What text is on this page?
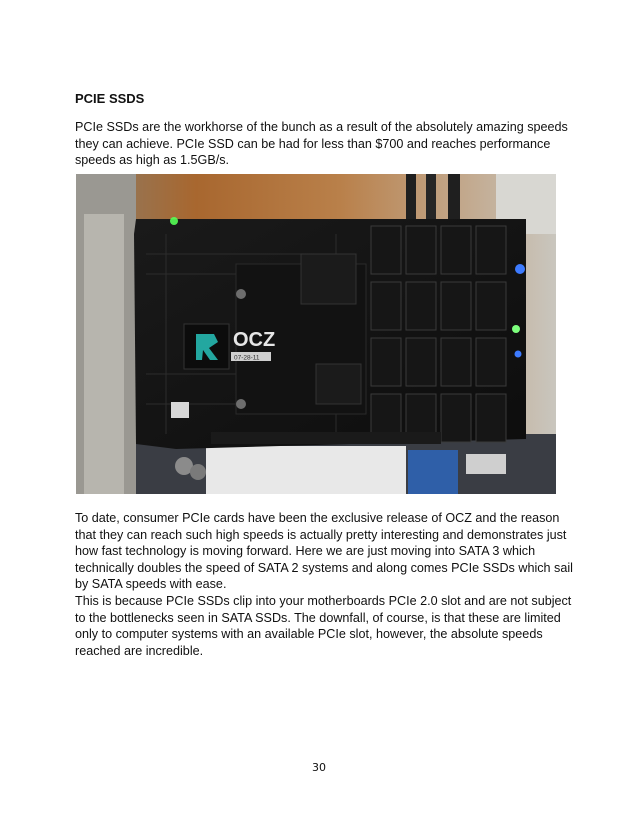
PCIE SSDS

PCIe SSDs are the workhorse of the bunch as a result of the absolutely amazing speeds they can achieve. PCIe SSD can be had for less than $700 and reaches performance speeds as high as 1.5GB/s.

OCZ
07-28-11

To date, consumer PCIe cards have been the exclusive release of OCZ and the reason that they can reach such high speeds is actually pretty interesting and demonstrates just how fast technology is moving forward. Here we are just moving into SATA 3 which technically doubles the speed of SATA 2 systems and along comes PCIe SSDs which sail by SATA speeds with ease.

This is because PCIe SSDs clip into your motherboards PCIe 2.0 slot and are not subject to the bottlenecks seen in SATA SSDs. The downfall, of course, is that these are limited only to computer systems with an available PCIe slot, however, the absolute speeds reached are incredible.

30
